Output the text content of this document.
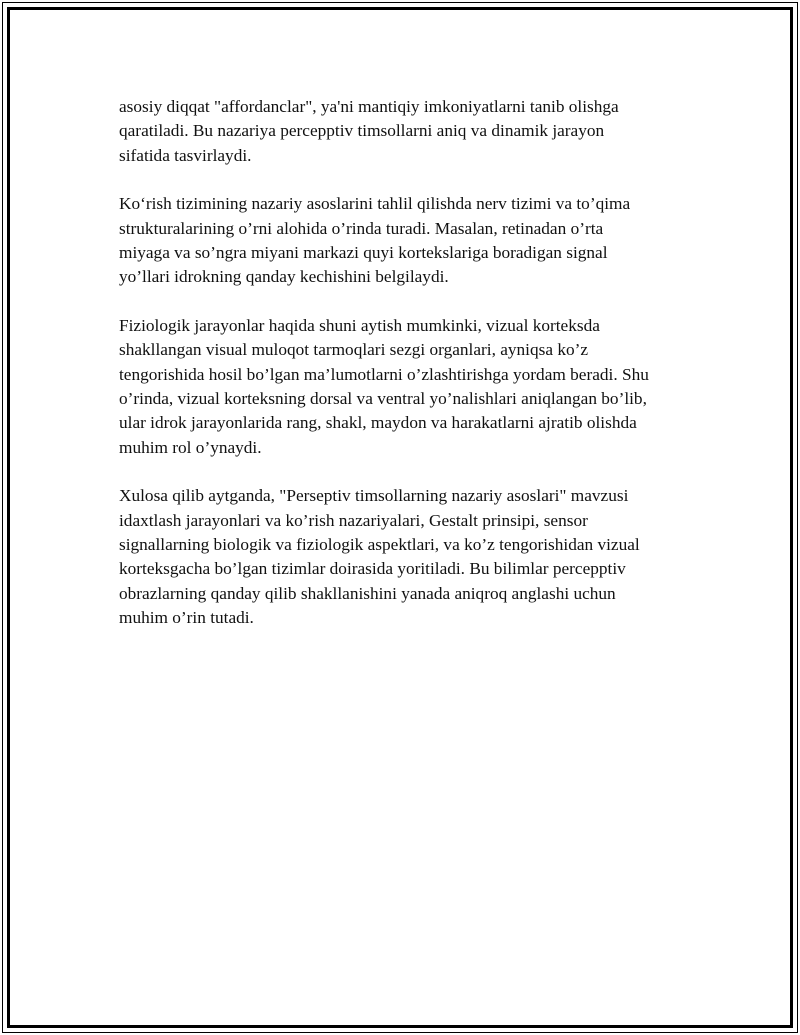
asosiy diqqat "affordanclar", ya'ni mantiqiy imkoniyatlarni tanib olishga
qaratiladi. Bu nazariya percepptiv timsollarni aniq va dinamik jarayon
sifatida tasvirlaydi.

Ko‘rish tizimining nazariy asoslarini tahlil qilishda nerv tizimi va to’qima
strukturalarining o’rni alohida o’rinda turadi. Masalan, retinadan o’rta
miyaga va so’ngra miyani markazi quyi kortekslariga boradigan signal
yo’llari idrokning qanday kechishini belgilaydi.

Fiziologik jarayonlar haqida shuni aytish mumkinki, vizual korteksda
shakllangan visual muloqot tarmoqlari sezgi organlari, ayniqsa ko’z
tengorishida hosil bo’lgan ma’lumotlarni o’zlashtirishga yordam beradi. Shu
o’rinda, vizual korteksning dorsal va ventral yo’nalishlari aniqlangan bo’lib,
ular idrok jarayonlarida rang, shakl, maydon va harakatlarni ajratib olishda
muhim rol o’ynaydi.

Xulosa qilib aytganda, "Perseptiv timsollarning nazariy asoslari" mavzusi
idaxtlash jarayonlari va ko’rish nazariyalari, Gestalt prinsipi, sensor
signallarning biologik va fiziologik aspektlari, va ko’z tengorishidan vizual
korteksgacha bo’lgan tizimlar doirasida yoritiladi. Bu bilimlar percepptiv
obrazlarning qanday qilib shakllanishini yanada aniqroq anglashi uchun
muhim o’rin tutadi.
